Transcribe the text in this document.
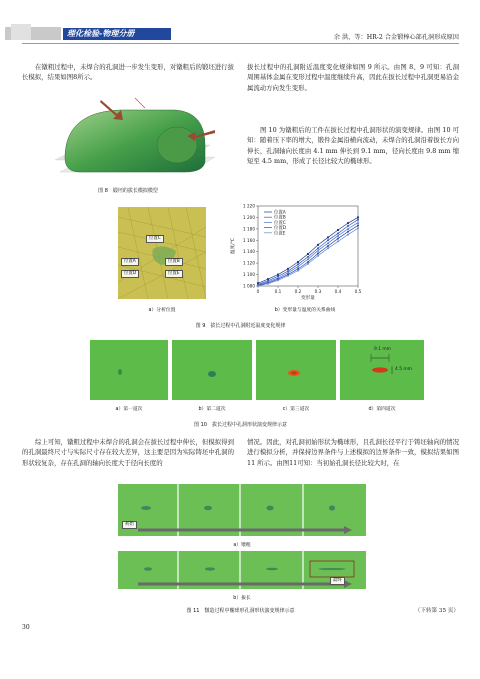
理化检验-物理分册	余 洪，等：HR-2 合金锻棒心部孔洞形成原因

在镦粗过程中，未焊合的孔洞进一步发生变形，对镦粗后的锻坯进行拔长模拟，结果如图8所示。

图 8　锻坯的拔长模拟模型

拔长过程中的孔洞附近温度变化规律如图 9 所示。由图 8、9 可知：孔洞周围基体金属在变形过程中温度继续升高，因此在拔长过程中孔洞更易沿金属流动方向发生变形。

图 10 为镦粗后的工件在拔长过程中孔洞形状的演变规律。由图 10 可知：随着压下率的增大，锻件金属沿横向流动，未焊合的孔洞沿着拔长方向伸长，孔洞轴向长度由 4.1 mm 伸长到 9.1 mm，径向长度由 9.8 mm 缩短至 4.5 mm，形成了长径比较大的椭球形。

位置C
位置A	位置B
位置D	位置E
a）分析位置
1 080
1 100
1 120
1 140
1 160
1 180
1 200
1 220
0	0.1	0.2	0.3	0.4	0.5
变形量
温度/℃
位置A
位置B
位置C
位置D
位置E
b）变形量与温度的关系曲线
图 9　拔长过程中孔洞附近温度变化规律
9.1 mm
4.5 mm
a）第一道次	b）第二道次	c）第三道次	d）第四道次
图 10　拔长过程中孔洞形状演变规律示意

综上可知，镦粗过程中未焊合的孔洞会在拔长过程中伸长，但模拟得到的孔洞最终尺寸与实际尺寸存在较大差异，这主要是因为实际铸坯中孔洞的形状较复杂，存在孔洞的轴向长度大于径向长度的

情况。因此，对孔洞初始形状为椭球形，且孔洞长径平行于铸坯轴向的情况进行模拟分析，并保持边界条件与上述模拟的边界条件一致，模拟结果如图 11 所示。由图11可知：当初始孔洞长径比较大时，在

初始
a）镦粗
最终
b）拔长
图 11　镦造过程中椭球形孔洞形状演变规律示意	（下转第 35 页）
30
